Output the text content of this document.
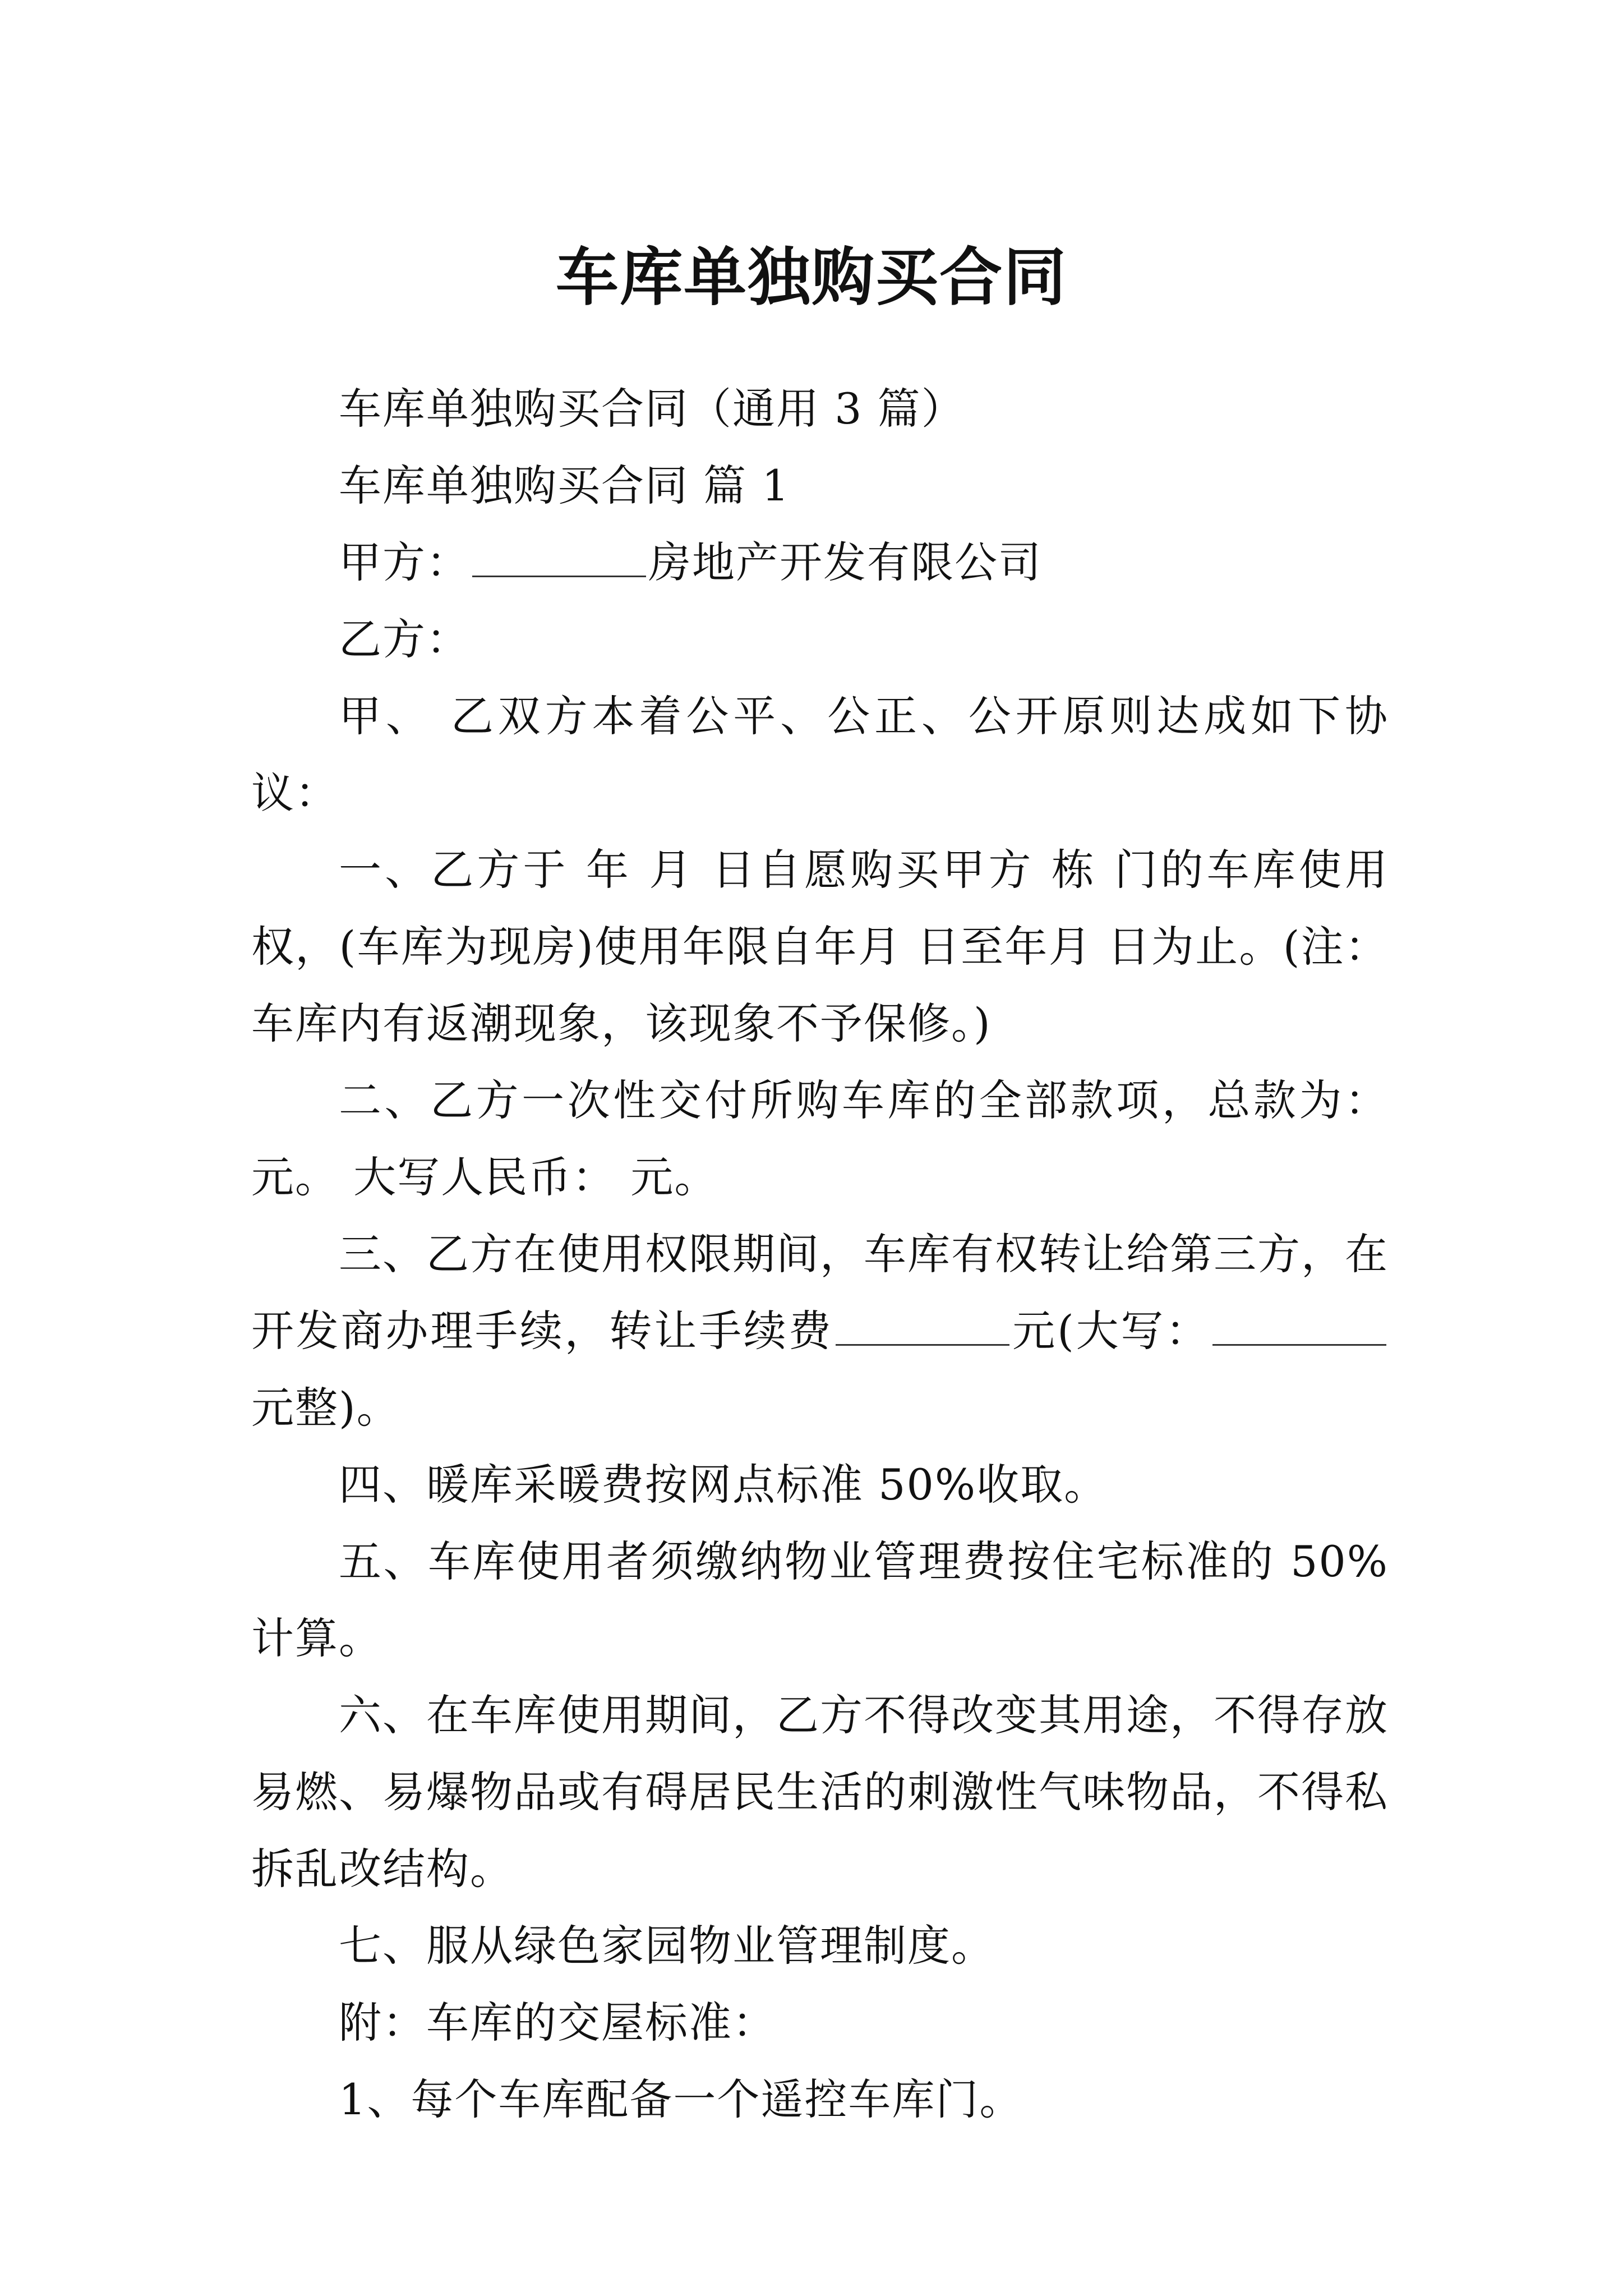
车库单独购买合同

车库单独购买合同（通用 3 篇）

车库单独购买合同 篇 1

甲方：	房地产开发有限公司

乙方：

甲、 乙双方本着公平、公正、公开原则达成如下协议：

一、乙方于 年 月 日自愿购买甲方 栋 门的车库使用权，(车库为现房)使用年限自年月 日至年月 日为止。(注：车库内有返潮现象，该现象不予保修。)

二、乙方一次性交付所购车库的全部款项，总款为： 元。 大写人民币： 元。

三、乙方在使用权限期间，车库有权转让给第三方，在开发商办理手续，转让手续费	元(大写：元整)。

四、暖库采暖费按网点标准 50%收取。

五、车库使用者须缴纳物业管理费按住宅标准的 50%计算。

六、在车库使用期间，乙方不得改变其用途，不得存放易燃、易爆物品或有碍居民生活的刺激性气味物品，不得私拆乱改结构。

七、服从绿色家园物业管理制度。

附：车库的交屋标准：

1、每个车库配备一个遥控车库门。
